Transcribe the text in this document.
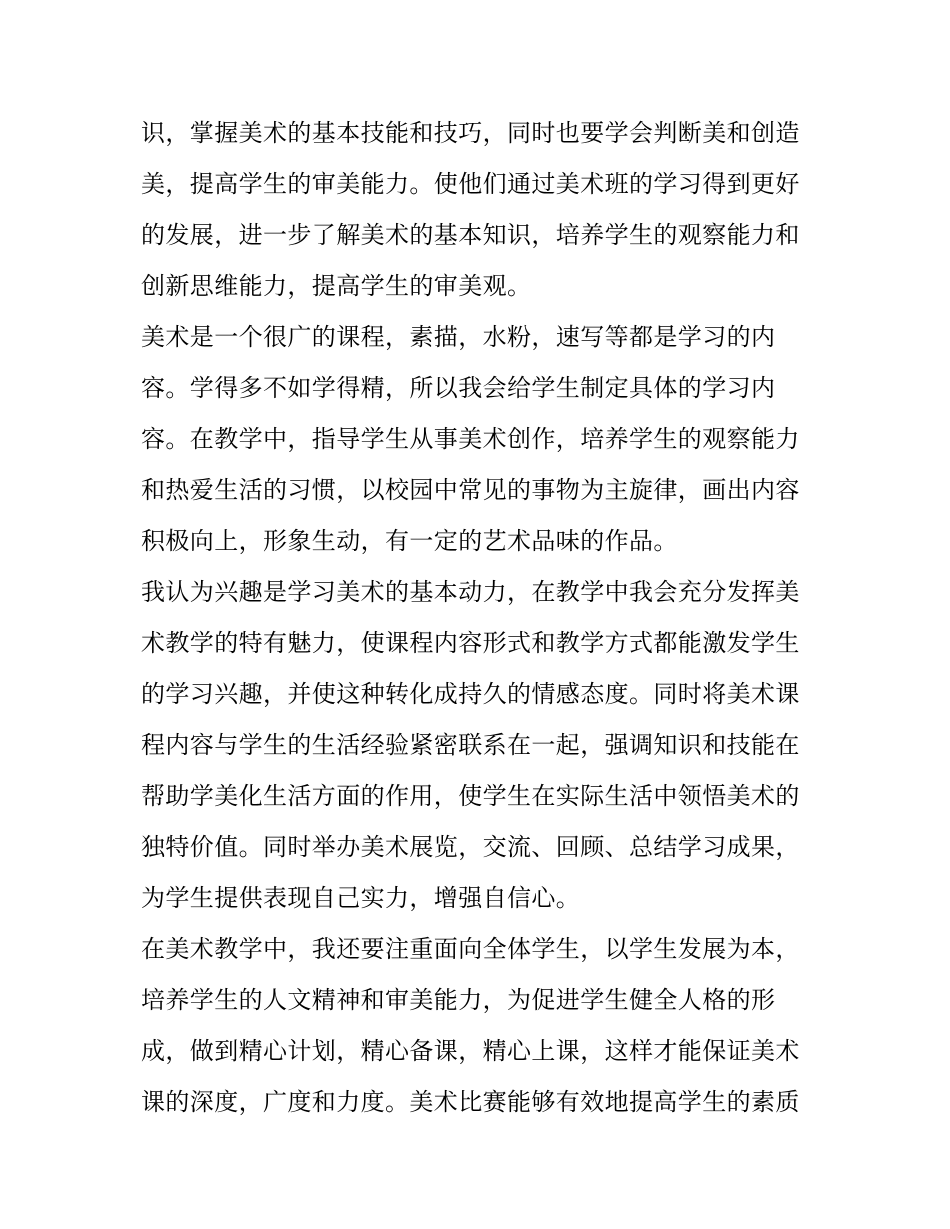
识，掌握美术的基本技能和技巧，同时也要学会判断美和创造
美，提高学生的审美能力。使他们通过美术班的学习得到更好
的发展，进一步了解美术的基本知识，培养学生的观察能力和
创新思维能力，提高学生的审美观。
美术是一个很广的课程，素描，水粉，速写等都是学习的内
容。学得多不如学得精，所以我会给学生制定具体的学习内
容。在教学中，指导学生从事美术创作，培养学生的观察能力
和热爱生活的习惯，以校园中常见的事物为主旋律，画出内容
积极向上，形象生动，有一定的艺术品味的作品。
我认为兴趣是学习美术的基本动力，在教学中我会充分发挥美
术教学的特有魅力，使课程内容形式和教学方式都能激发学生
的学习兴趣，并使这种转化成持久的情感态度。同时将美术课
程内容与学生的生活经验紧密联系在一起，强调知识和技能在
帮助学美化生活方面的作用，使学生在实际生活中领悟美术的
独特价值。同时举办美术展览，交流、回顾、总结学习成果，
为学生提供表现自己实力，增强自信心。
在美术教学中，我还要注重面向全体学生，以学生发展为本，
培养学生的人文精神和审美能力，为促进学生健全人格的形
成，做到精心计划，精心备课，精心上课，这样才能保证美术
课的深度，广度和力度。美术比赛能够有效地提高学生的素质
